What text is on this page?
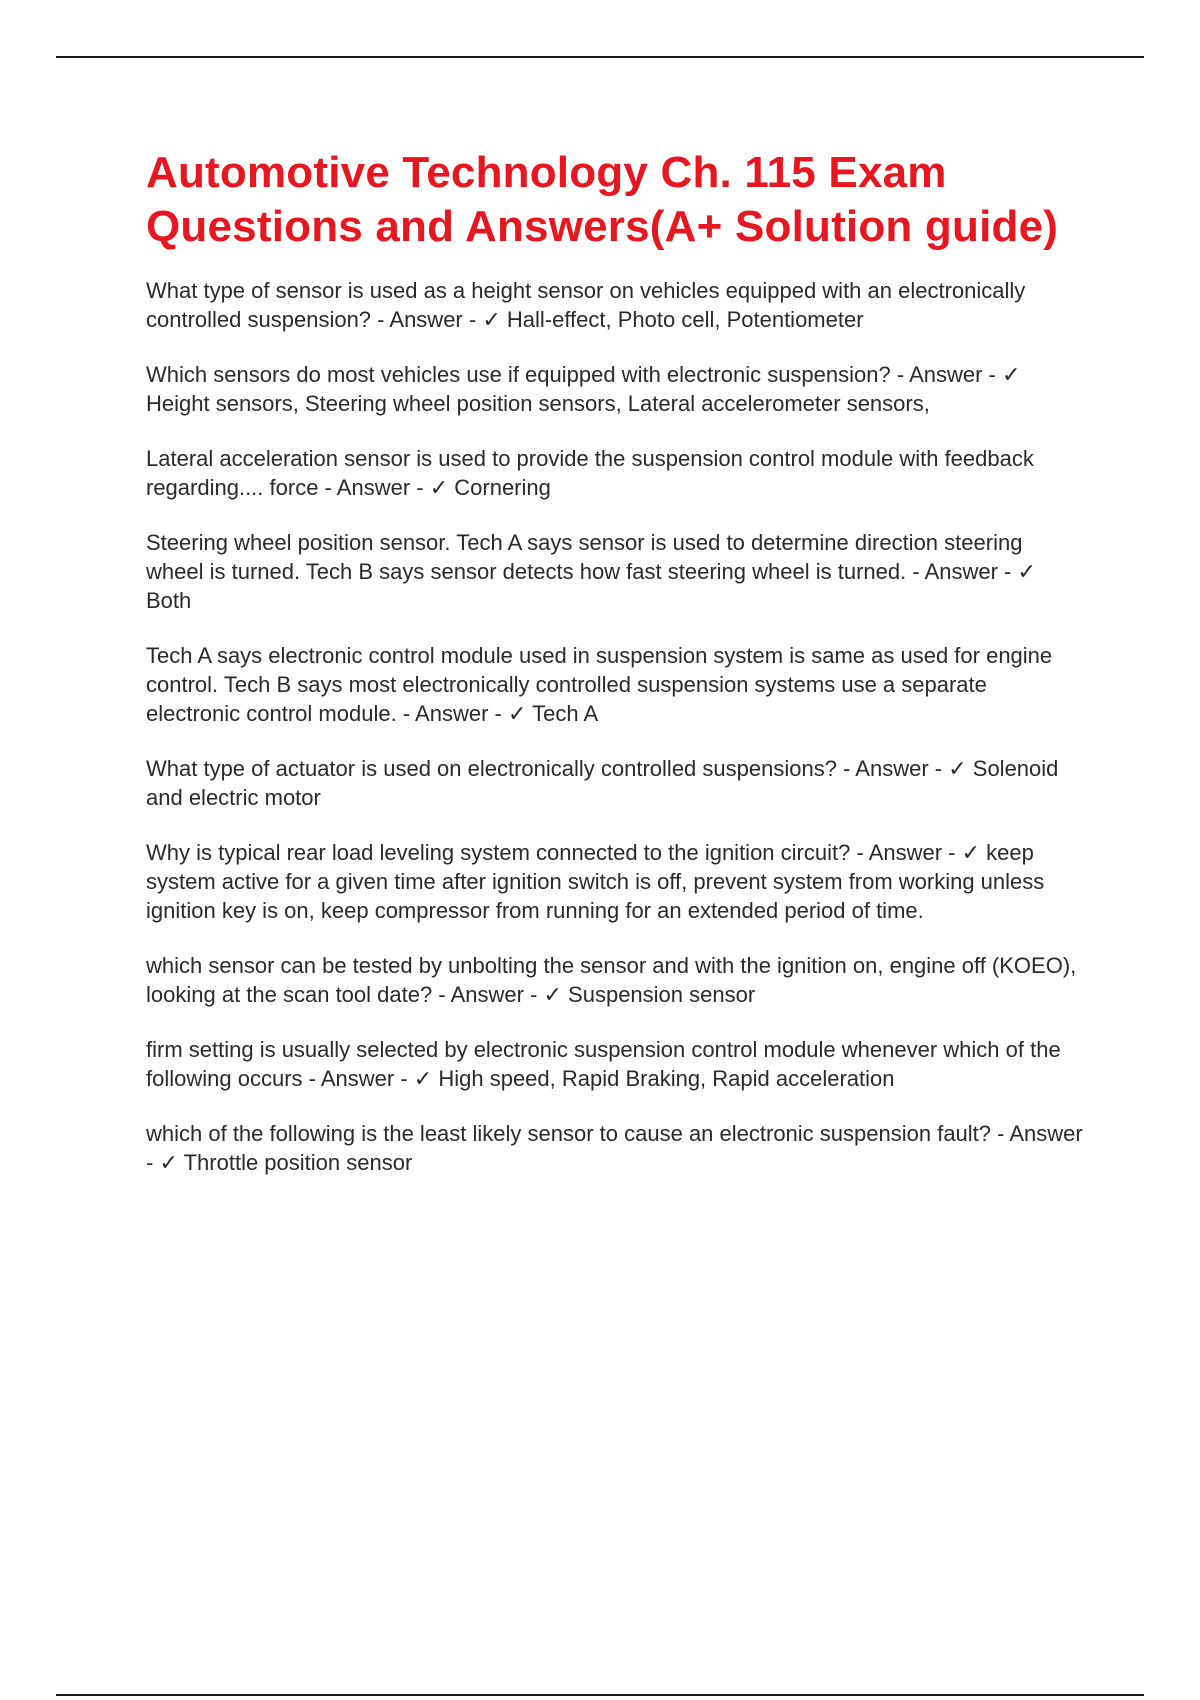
Automotive Technology Ch. 115 Exam Questions and Answers(A+ Solution guide)

What type of sensor is used as a height sensor on vehicles equipped with an electronically controlled suspension? - Answer - ✓ Hall-effect, Photo cell, Potentiometer

Which sensors do most vehicles use if equipped with electronic suspension? - Answer - ✓ Height sensors, Steering wheel position sensors, Lateral accelerometer sensors,

Lateral acceleration sensor is used to provide the suspension control module with feedback regarding.... force - Answer - ✓ Cornering

Steering wheel position sensor. Tech A says sensor is used to determine direction steering wheel is turned. Tech B says sensor detects how fast steering wheel is turned. - Answer - ✓ Both

Tech A says electronic control module used in suspension system is same as used for engine control. Tech B says most electronically controlled suspension systems use a separate electronic control module. - Answer - ✓ Tech A

What type of actuator is used on electronically controlled suspensions? - Answer - ✓ Solenoid and electric motor

Why is typical rear load leveling system connected to the ignition circuit? - Answer - ✓ keep system active for a given time after ignition switch is off, prevent system from working unless ignition key is on, keep compressor from running for an extended period of time.

which sensor can be tested by unbolting the sensor and with the ignition on, engine off (KOEO), looking at the scan tool date? - Answer - ✓ Suspension sensor

firm setting is usually selected by electronic suspension control module whenever which of the following occurs - Answer - ✓ High speed, Rapid Braking, Rapid acceleration

which of the following is the least likely sensor to cause an electronic suspension fault? - Answer - ✓ Throttle position sensor
